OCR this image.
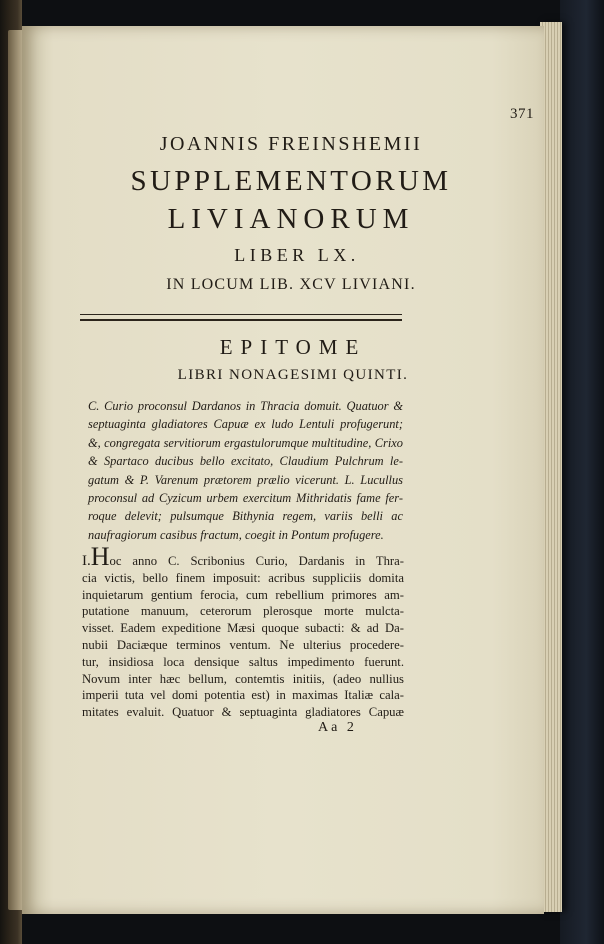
371
JOANNIS FREINSHEMII
SUPPLEMENTORUM
LIVIANORUM
LIBER LX.
IN LOCUM LIB. XCV LIVIANI.
EPITOME
LIBRI NONAGESIMI QUINTI.
C. Curio proconsul Dardanos in Thracia domuit. Quatuor &
septuaginta gladiatores Capuæ ex ludo Lentuli profugerunt;
&, congregata servitiorum ergastulorumque multitudine, Crixo
& Spartaco ducibus bello excitato, Claudium Pulchrum le-
gatum & P. Varenum prætorem prælio vicerunt. L. Lucullus
proconsul ad Cyzicum urbem exercitum Mithridatis fame fer-
roque delevit; pulsumque Bithynia regem, variis belli ac
naufragiorum casibus fractum, coegit in Pontum profugere.
I.Hoc anno C. Scribonius Curio, Dardanis in Thra-
cia victis, bello finem imposuit: acribus suppliciis domita
inquietarum gentium ferocia, cum rebellium primores am-
putatione manuum, ceterorum plerosque morte mulcta-
visset. Eadem expeditione Mæsi quoque subacti: & ad Da-
nubii Daciæque terminos ventum. Ne ulterius procedere-
tur, insidiosa loca densique saltus impedimento fuerunt.
Novum inter hæc bellum, contemtis initiis, (adeo nullius
imperii tuta vel domi potentia est) in maximas Italiæ cala-
mitates evaluit. Quatuor & septuaginta gladiatores Capuæ
Aa 2
